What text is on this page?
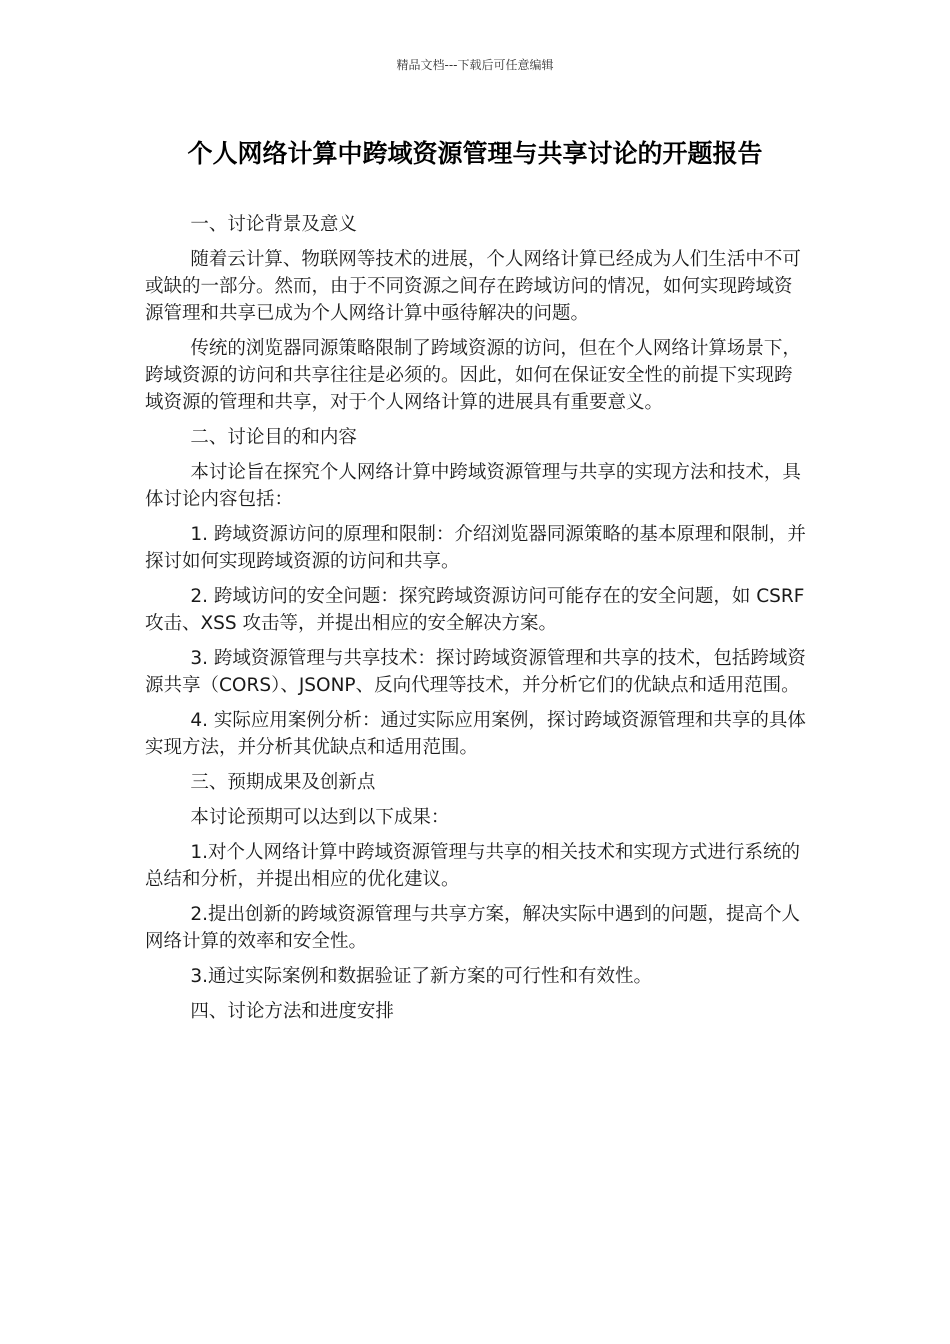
精品文档---下载后可任意编辑
个人网络计算中跨域资源管理与共享讨论的开题报告

一、讨论背景及意义

随着云计算、物联网等技术的进展，个人网络计算已经成为人们生活中不可或缺的一部分。然而，由于不同资源之间存在跨域访问的情况，如何实现跨域资源管理和共享已成为个人网络计算中亟待解决的问题。

传统的浏览器同源策略限制了跨域资源的访问，但在个人网络计算场景下，跨域资源的访问和共享往往是必须的。因此，如何在保证安全性的前提下实现跨域资源的管理和共享，对于个人网络计算的进展具有重要意义。

二、讨论目的和内容

本讨论旨在探究个人网络计算中跨域资源管理与共享的实现方法和技术，具体讨论内容包括：

1. 跨域资源访问的原理和限制：介绍浏览器同源策略的基本原理和限制，并探讨如何实现跨域资源的访问和共享。

2. 跨域访问的安全问题：探究跨域资源访问可能存在的安全问题，如 CSRF 攻击、XSS 攻击等，并提出相应的安全解决方案。

3. 跨域资源管理与共享技术：探讨跨域资源管理和共享的技术，包括跨域资源共享（CORS）、JSONP、反向代理等技术，并分析它们的优缺点和适用范围。

4. 实际应用案例分析：通过实际应用案例，探讨跨域资源管理和共享的具体实现方法，并分析其优缺点和适用范围。

三、预期成果及创新点

本讨论预期可以达到以下成果：

1.对个人网络计算中跨域资源管理与共享的相关技术和实现方式进行系统的总结和分析，并提出相应的优化建议。

2.提出创新的跨域资源管理与共享方案，解决实际中遇到的问题，提高个人网络计算的效率和安全性。

3.通过实际案例和数据验证了新方案的可行性和有效性。

四、讨论方法和进度安排
